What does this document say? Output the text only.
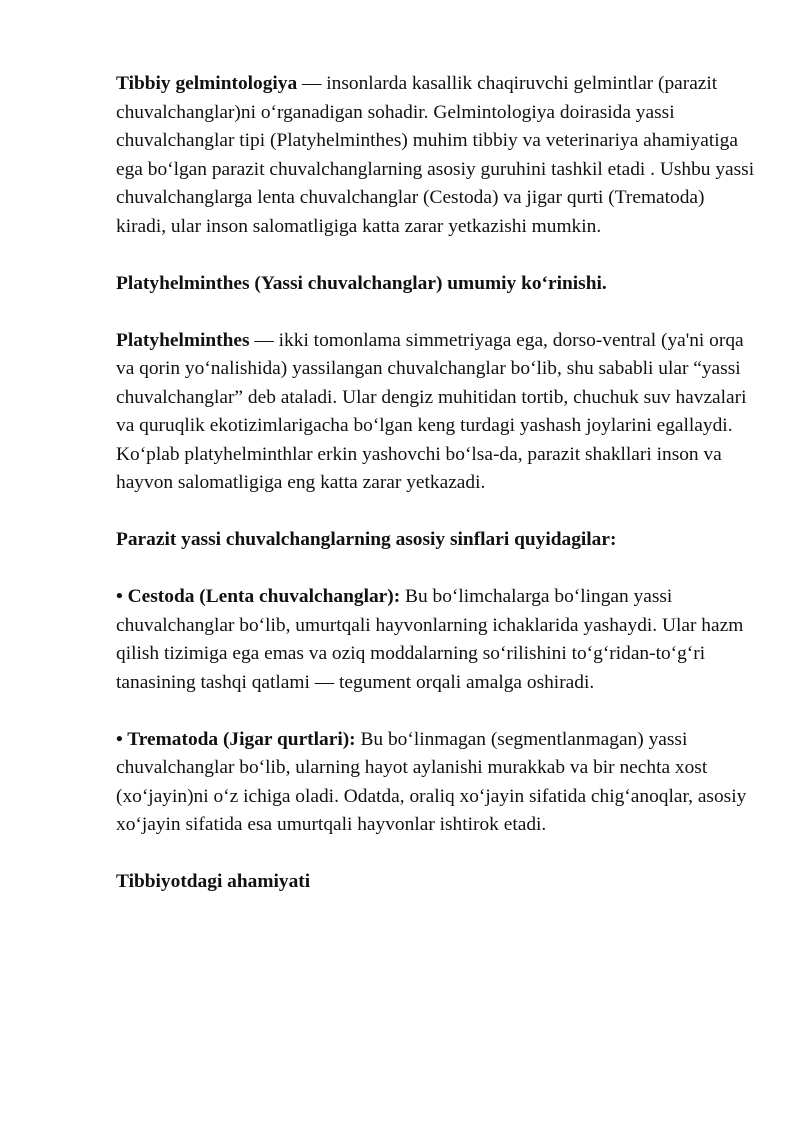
Tibbiy gelmintologiya — insonlarda kasallik chaqiruvchi gelmintlar (parazit chuvalchanglar)ni o‘rganadigan sohadir. Gelmintologiya doirasida yassi chuvalchanglar tipi (Platyhelminthes) muhim tibbiy va veterinariya ahamiyatiga ega bo‘lgan parazit chuvalchanglarning asosiy guruhini tashkil etadi . Ushbu yassi chuvalchanglarga lenta chuvalchanglar (Cestoda) va jigar qurti (Trematoda) kiradi, ular inson salomatligiga katta zarar yetkazishi mumkin.

Platyhelminthes (Yassi chuvalchanglar) umumiy ko‘rinishi.

Platyhelminthes — ikki tomonlama simmetriyaga ega, dorso-ventral (ya'ni orqa va qorin yo‘nalishida) yassilangan chuvalchanglar bo‘lib, shu sababli ular “yassi chuvalchanglar” deb ataladi. Ular dengiz muhitidan tortib, chuchuk suv havzalari va quruqlik ekotizimlarigacha bo‘lgan keng turdagi yashash joylarini egallaydi. Ko‘plab platyhelminthlar erkin yashovchi bo‘lsa-da, parazit shakllari inson va hayvon salomatligiga eng katta zarar yetkazadi.

Parazit yassi chuvalchanglarning asosiy sinflari quyidagilar:

• Cestoda (Lenta chuvalchanglar): Bu bo‘limchalarga bo‘lingan yassi chuvalchanglar bo‘lib, umurtqali hayvonlarning ichaklarida yashaydi. Ular hazm qilish tizimiga ega emas va oziq moddalarning so‘rilishini to‘g‘ridan-to‘g‘ri tanasining tashqi qatlami — tegument orqali amalga oshiradi.

• Trematoda (Jigar qurtlari): Bu bo‘linmagan (segmentlanmagan) yassi chuvalchanglar bo‘lib, ularning hayot aylanishi murakkab va bir nechta xost (xo‘jayin)ni o‘z ichiga oladi. Odatda, oraliq xo‘jayin sifatida chig‘anoqlar, asosiy xo‘jayin sifatida esa umurtqali hayvonlar ishtirok etadi.

Tibbiyotdagi ahamiyati
